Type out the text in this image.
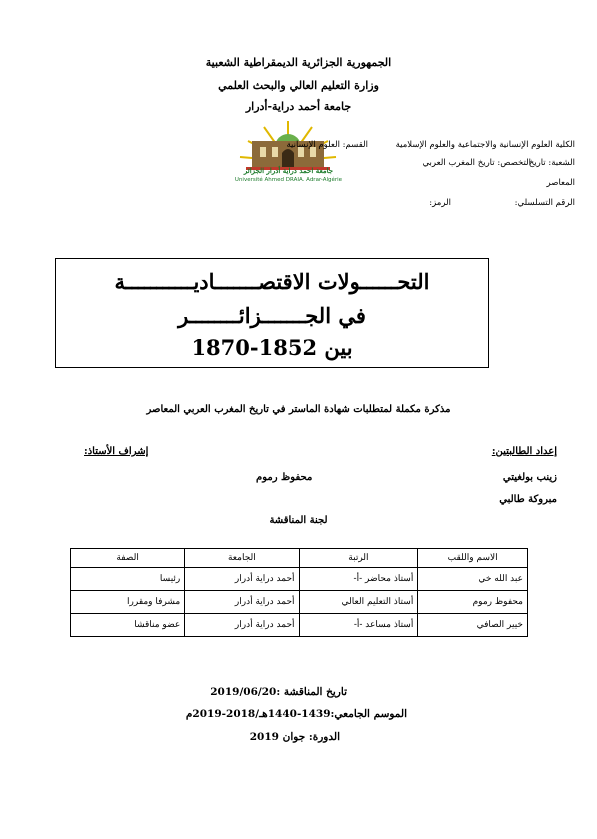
الجمهورية الجزائرية الديمقراطية الشعبية
وزارة التعليم العالي والبحث العلمي
جامعة أحمد دراية-أدرار
جامعة احمد دراية أدرار الجزائر
Université Ahmed DRAIA. Adrar-Algérie
الكلية العلوم الإنسانية والاجتماعية والعلوم الإسلامية
القسم: العلوم الإنسانية
الشعبة: تاريخ
التخصص: تاريخ المغرب العربي
المعاصر
الرقم التسلسلي:
الرمز:
التحــــــولات الاقتصـــــــاديـــــــــــة
في الجـــــــزائــــــــر
بين 1852-1870
مذكرة مكملة لمتطلبات شهادة الماستر في تاريخ المغرب العربي المعاصر
إعداد الطالبتين:
إشراف الأستاذ:
زينب بولغيتي
مبروكة طالبي
محفوظ رموم
لجنة المناقشة
الاسم واللقب	الرتبة	الجامعة	الصفة
عبد الله خي	أستاذ محاضر -أ-	أحمد دراية أدرار	رئيسا
محفوظ رموم	أستاذ التعليم العالي	أحمد دراية أدرار	مشرفا ومقررا
خيير الصافي	أستاذ مساعد -أ-	أحمد دراية أدرار	عضو مناقشا
تاريخ المناقشة :2019/06/20
الموسم الجامعي:1439-1440هـ/2018-2019م
الدورة: جوان 2019
